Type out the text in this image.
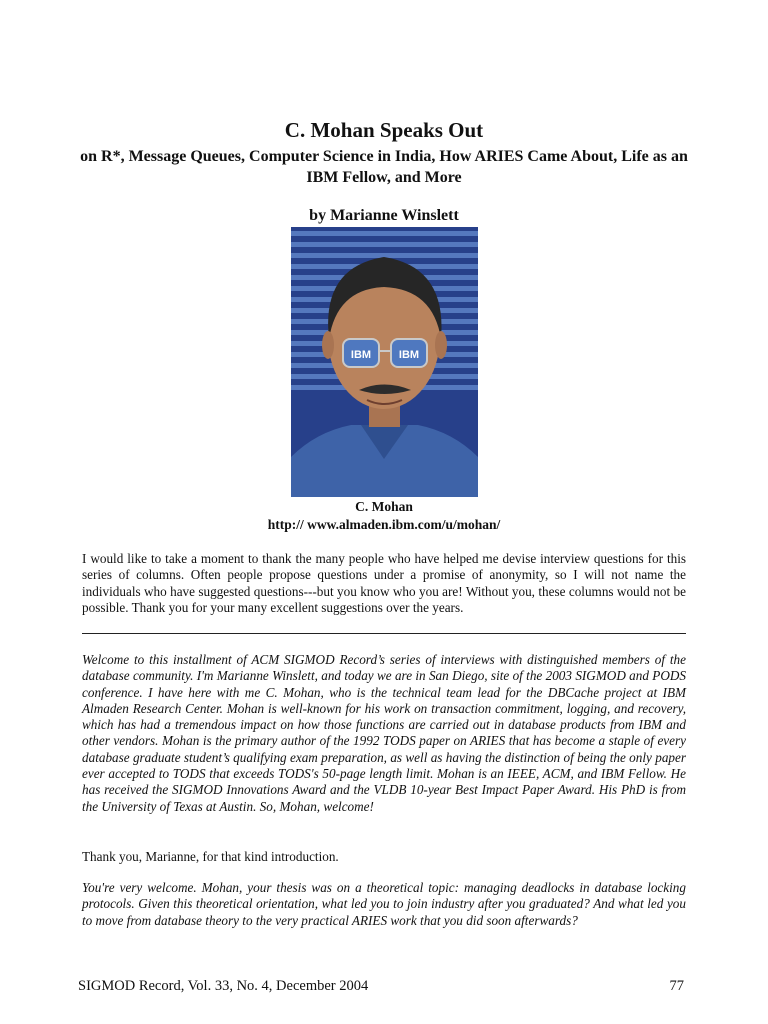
C. Mohan Speaks Out
on R*, Message Queues, Computer Science in India, How ARIES Came About, Life as an IBM Fellow, and More
by Marianne Winslett
IBM	IBM
C. Mohan
http:// www.almaden.ibm.com/u/mohan/

I would like to take a moment to thank the many people who have helped me devise interview questions for this series of columns. Often people propose questions under a promise of anonymity, so I will not name the individuals who have suggested questions---but you know who you are! Without you, these columns would not be possible. Thank you for your many excellent suggestions over the years.

Welcome to this installment of ACM SIGMOD Record’s series of interviews with distinguished members of the database community. I'm Marianne Winslett, and today we are in San Diego, site of the 2003 SIGMOD and PODS conference. I have here with me C. Mohan, who is the technical team lead for the DBCache project at IBM Almaden Research Center. Mohan is well-known for his work on transaction commitment, logging, and recovery, which has had a tremendous impact on how those functions are carried out in database products from IBM and other vendors. Mohan is the primary author of the 1992 TODS paper on ARIES that has become a staple of every database graduate student’s qualifying exam preparation, as well as having the distinction of being the only paper ever accepted to TODS that exceeds TODS's 50-page length limit. Mohan is an IEEE, ACM, and IBM Fellow. He has received the SIGMOD Innovations Award and the VLDB 10-year Best Impact Paper Award. His PhD is from the University of Texas at Austin. So, Mohan, welcome!

Thank you, Marianne, for that kind introduction.

You're very welcome. Mohan, your thesis was on a theoretical topic: managing deadlocks in database locking protocols. Given this theoretical orientation, what led you to join industry after you graduated? And what led you to move from database theory to the very practical ARIES work that you did soon afterwards?

SIGMOD Record, Vol. 33, No. 4, December 2004	77
